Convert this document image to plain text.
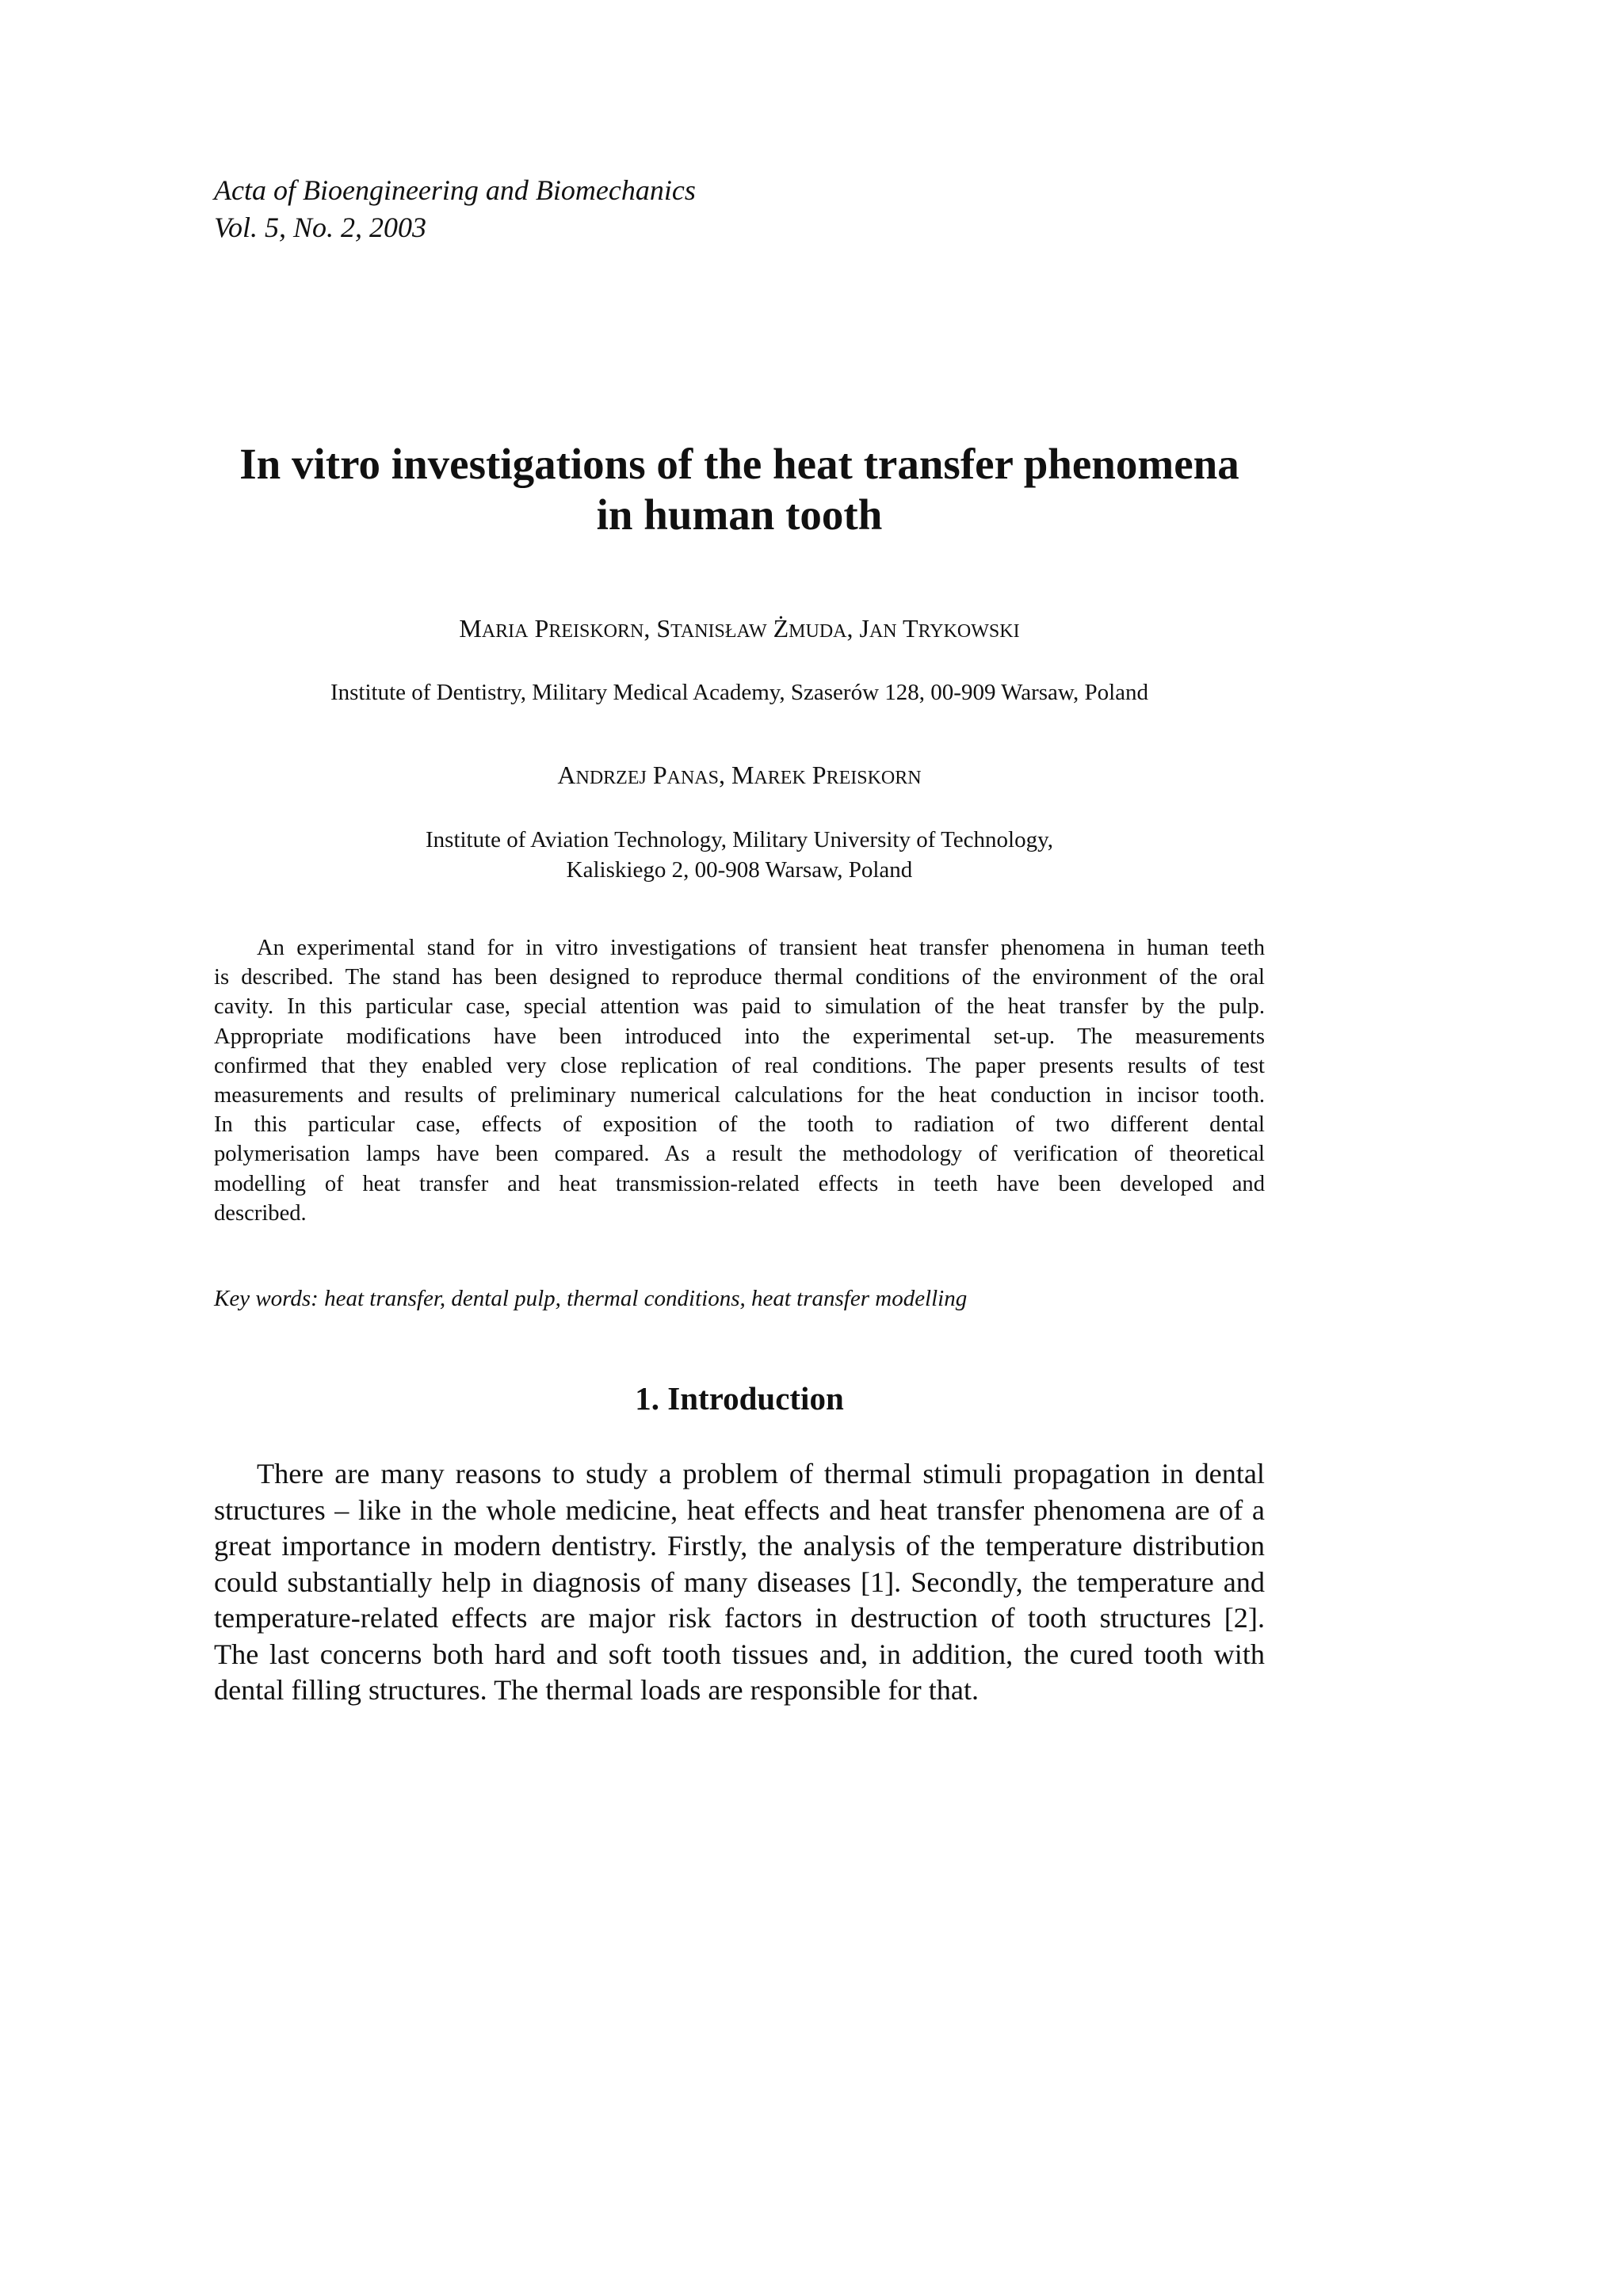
Acta of Bioengineering and Biomechanics
Vol. 5, No. 2, 2003
In vitro investigations of the heat transfer phenomena
in human tooth
MARIA PREISKORN, STANISŁAW ŻMUDA, JAN TRYKOWSKI
Institute of Dentistry, Military Medical Academy, Szaserów 128, 00-909 Warsaw, Poland
ANDRZEJ PANAS, MAREK PREISKORN
Institute of Aviation Technology, Military University of Technology,
Kaliskiego 2, 00-908 Warsaw, Poland
An experimental stand for in vitro investigations of transient heat transfer phenomena in human teeth
is described. The stand has been designed to reproduce thermal conditions of the environment of the oral
cavity. In this particular case, special attention was paid to simulation of the heat transfer by the pulp.
Appropriate modifications have been introduced into the experimental set-up. The measurements
confirmed that they enabled very close replication of real conditions. The paper presents results of test
measurements and results of preliminary numerical calculations for the heat conduction in incisor tooth.
In this particular case, effects of exposition of the tooth to radiation of two different dental
polymerisation lamps have been compared. As a result the methodology of verification of theoretical
modelling of heat transfer and heat transmission-related effects in teeth have been developed and
described.
Key words: heat transfer, dental pulp, thermal conditions, heat transfer modelling
1. Introduction
There are many reasons to study a problem of thermal stimuli propagation in dental
structures – like in the whole medicine, heat effects and heat transfer phenomena are of a
great importance in modern dentistry. Firstly, the analysis of the temperature distribution
could substantially help in diagnosis of many diseases [1]. Secondly, the temperature and
temperature-related effects are major risk factors in destruction of tooth structures [2].
The last concerns both hard and soft tooth tissues and, in addition, the cured tooth with
dental filling structures. The thermal loads are responsible for that.
